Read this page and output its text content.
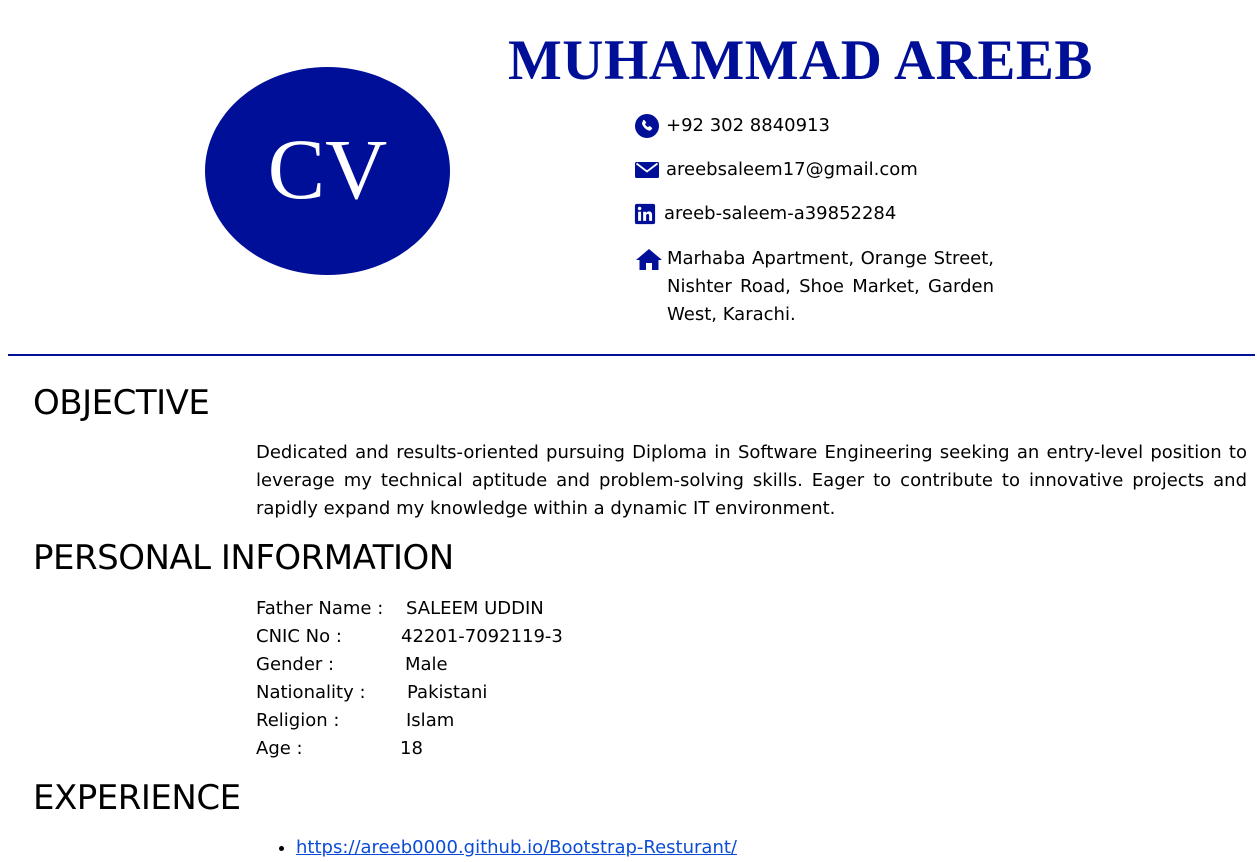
CV
MUHAMMAD AREEB
+92 302 8840913
areebsaleem17@gmail.com
areeb-saleem-a39852284
Marhaba Apartment, Orange Street, Nishter Road, Shoe Market, Garden West, Karachi.
OBJECTIVE

Dedicated and results-oriented pursuing Diploma in Software Engineering seeking an entry-level position to leverage my technical aptitude and problem-solving skills. Eager to contribute to innovative projects and rapidly expand my knowledge within a dynamic IT environment.

PERSONAL INFORMATION
Father Name : SALEEM UDDIN
CNIC No :	42201-7092119-3
Gender :	Male
Nationality : Pakistani
Religion :	Islam
Age :	18
EXPERIENCE
• https://areeb0000.github.io/Bootstrap-Resturant/
